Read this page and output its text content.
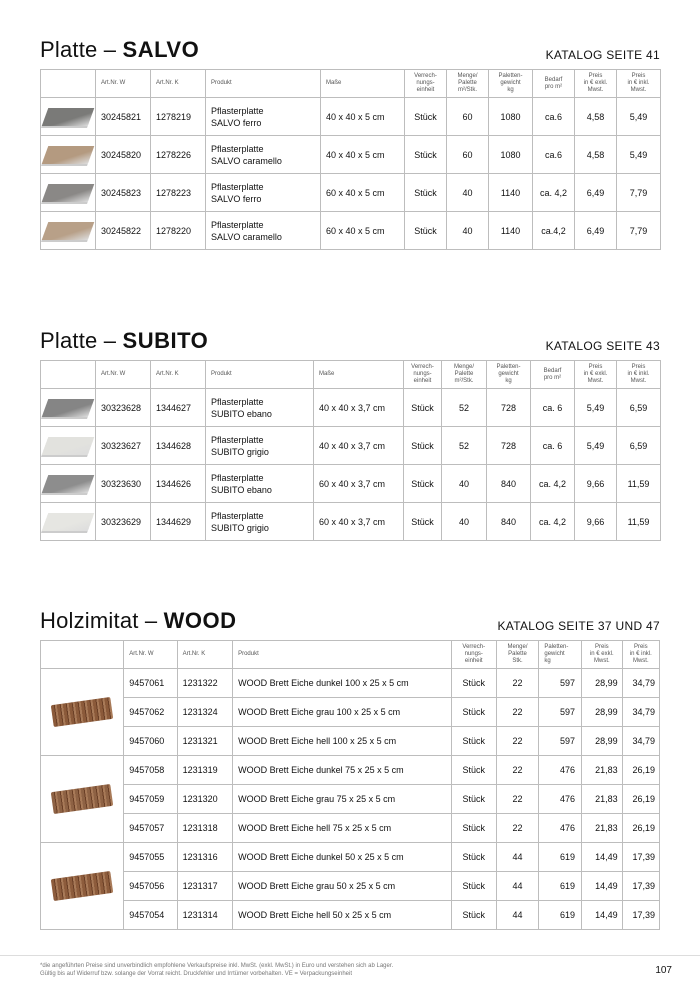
Platte – SALVO	KATALOG SEITE 41
	Art.Nr. W	Art.Nr. K	Produkt	Maße	Verrech-
nungs-
einheit	Menge/
Palette
m²/Stk.	Paletten-
gewicht
kg	Bedarf
pro m²	Preis
in € exkl.
Mwst.	Preis
in € inkl.
Mwst.

	30245821	1278219	Pflasterplatte
SALVO ferro	40 x 40 x 5 cm	Stück	60	1080	ca.6	4,58	5,49

	30245820	1278226	Pflasterplatte
SALVO caramello	40 x 40 x 5 cm	Stück	60	1080	ca.6	4,58	5,49

	30245823	1278223	Pflasterplatte
SALVO ferro	60 x 40 x 5 cm	Stück	40	1140	ca. 4,2	6,49	7,79

	30245822	1278220	Pflasterplatte
SALVO caramello	60 x 40 x 5 cm	Stück	40	1140	ca.4,2	6,49	7,79
Platte – SUBITO	KATALOG SEITE 43
	Art.Nr. W	Art.Nr. K	Produkt	Maße	Verrech-
nungs-
einheit	Menge/
Palette
m²/Stk.	Paletten-
gewicht
kg	Bedarf
pro m²	Preis
in € exkl.
Mwst.	Preis
in € inkl.
Mwst.

	30323628	1344627	Pflasterplatte
SUBITO ebano	40 x 40 x 3,7 cm	Stück	52	728	ca. 6	5,49	6,59

	30323627	1344628	Pflasterplatte
SUBITO grigio	40 x 40 x 3,7 cm	Stück	52	728	ca. 6	5,49	6,59

	30323630	1344626	Pflasterplatte
SUBITO ebano	60 x 40 x 3,7 cm	Stück	40	840	ca. 4,2	9,66	11,59

	30323629	1344629	Pflasterplatte
SUBITO grigio	60 x 40 x 3,7 cm	Stück	40	840	ca. 4,2	9,66	11,59
Holzimitat – WOOD	KATALOG SEITE 37 UND 47
	Art.Nr. W	Art.Nr. K	Produkt	Verrech-
nungs-
einheit	Menge/
Palette
Stk.	Paletten-
gewicht
kg	Preis
in € exkl.
Mwst.	Preis
in € inkl.
Mwst.

	9457061	1231322	WOOD Brett Eiche dunkel 100 x 25 x 5 cm	Stück	22	597	28,99	34,79
	9457062	1231324	WOOD Brett Eiche grau 100 x 25 x 5 cm	Stück	22	597	28,99	34,79
	9457060	1231321	WOOD Brett Eiche hell 100 x 25 x 5 cm	Stück	22	597	28,99	34,79

	9457058	1231319	WOOD Brett Eiche dunkel 75 x 25 x 5 cm	Stück	22	476	21,83	26,19
	9457059	1231320	WOOD Brett Eiche grau 75 x 25 x 5 cm	Stück	22	476	21,83	26,19
	9457057	1231318	WOOD Brett Eiche hell 75 x 25 x 5 cm	Stück	22	476	21,83	26,19

	9457055	1231316	WOOD Brett Eiche dunkel 50 x 25 x 5 cm	Stück	44	619	14,49	17,39
	9457056	1231317	WOOD Brett Eiche grau 50 x 25 x 5 cm	Stück	44	619	14,49	17,39
	9457054	1231314	WOOD Brett Eiche hell 50 x 25 x 5 cm	Stück	44	619	14,49	17,39
*die angeführten Preise sind unverbindlich empfohlene Verkaufspreise inkl. MwSt. (exkl. MwSt.) in Euro und verstehen sich ab Lager.
Gültig bis auf Widerruf bzw. solange der Vorrat reicht. Druckfehler und Irrtümer vorbehalten. VE = Verpackungseinheit	107
